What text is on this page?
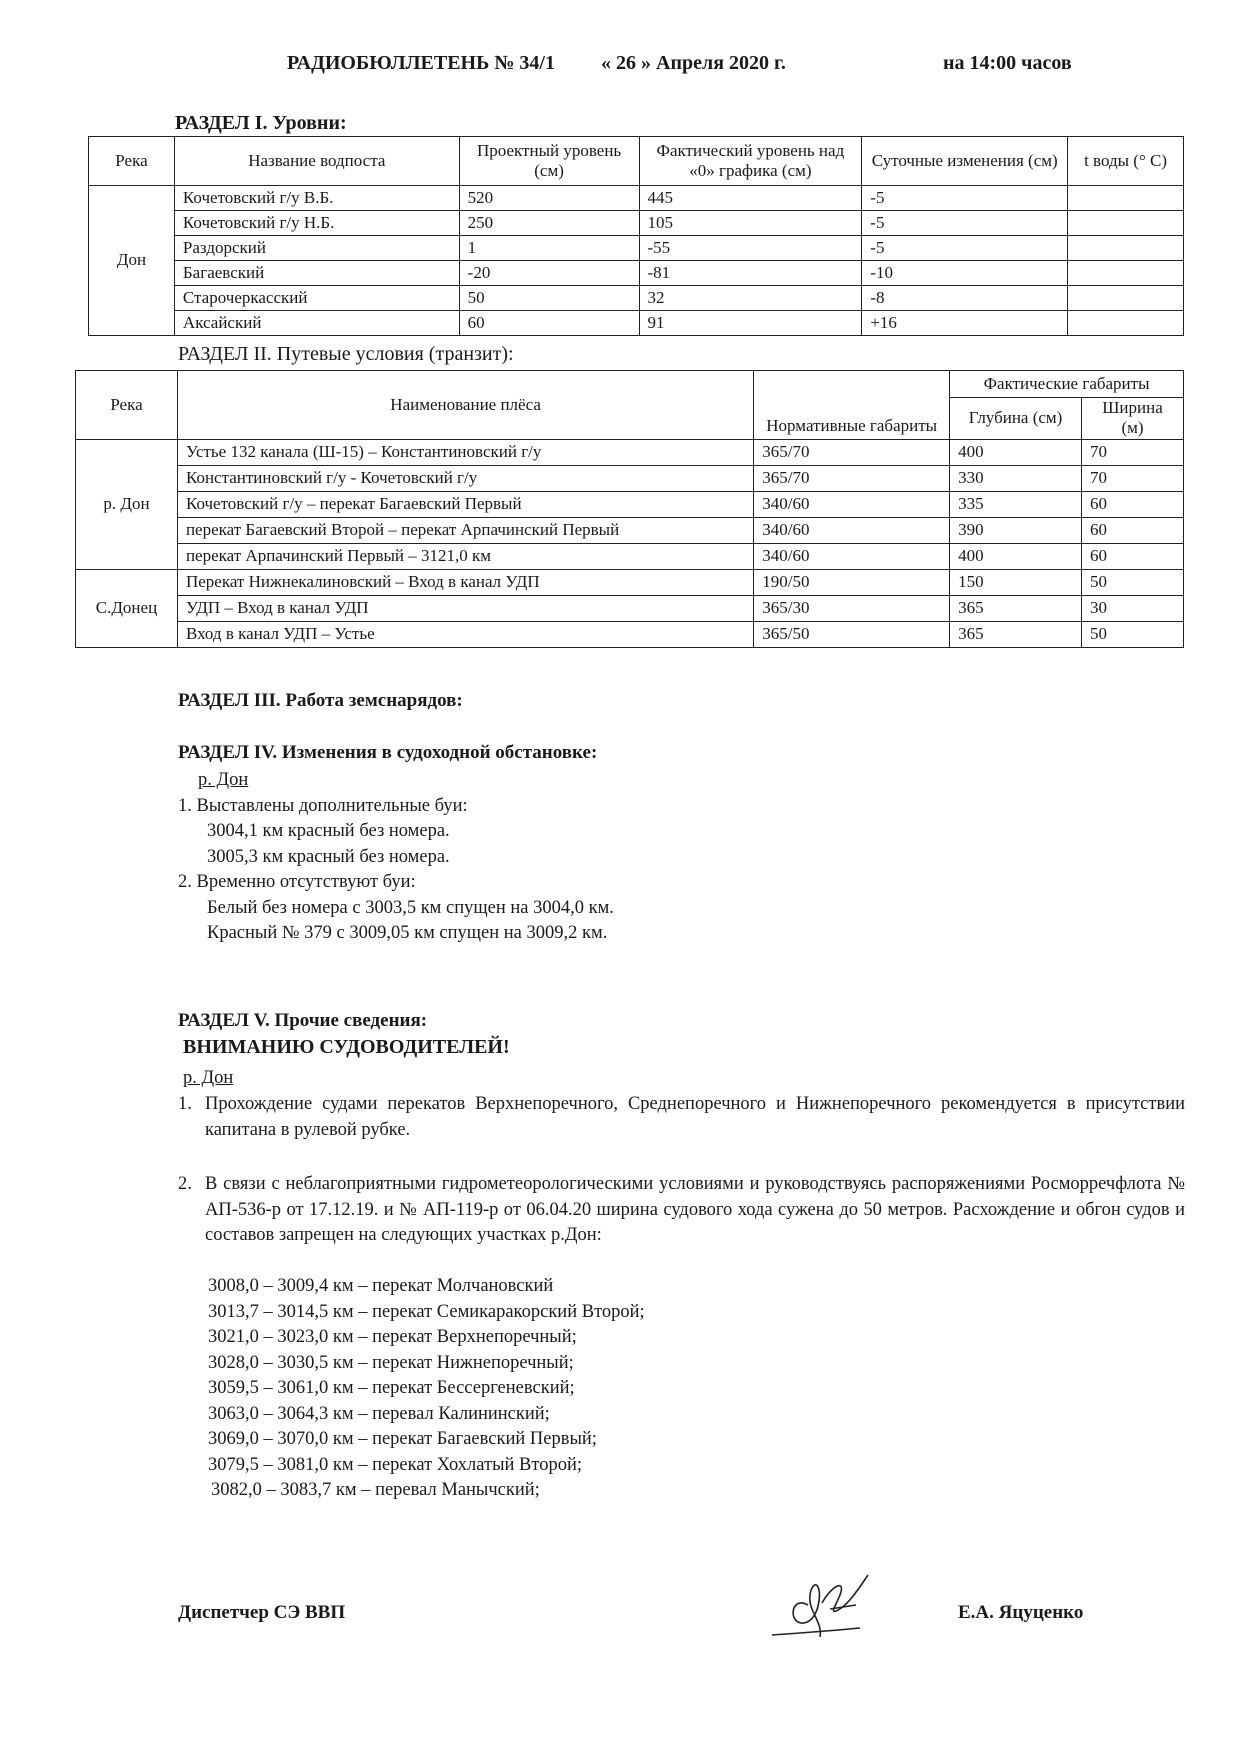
РАДИОБЮЛЛЕТЕНЬ № 34/1 « 26 » Апреля 2020 г.	на 14:00 часов
РАЗДЕЛ I. Уровни:
Река	Название водпоста	Проектный уровень (см)	Фактический уровень над «0» графика (см)	Суточные изменения (см)	t воды (° C)
Дон	Кочетовский г/у В.Б.	520	445	-5	
	Кочетовский г/у Н.Б.	250	105	-5	
	Раздорский	1	-55	-5	
	Багаевский	-20	-81	-10	
	Старочеркасский	50	32	-8	
	Аксайский	60	91	+16	
РАЗДЕЛ II. Путевые условия (транзит):
Река	Наименование плёса	Нормативные габариты	Фактические габариты	
			Глубина (см)	Ширина (м)
р. Дон	Устье 132 канала (Ш-15) – Константиновский г/у	365/70	400	70
	Константиновский г/у - Кочетовский г/у	365/70	330	70
	Кочетовский г/у – перекат Багаевский Первый	340/60	335	60
	перекат Багаевский Второй – перекат Арпачинский Первый	340/60	390	60
	перекат Арпачинский Первый – 3121,0 км	340/60	400	60
С.Донец	Перекат Нижнекалиновский – Вход в канал УДП	190/50	150	50
	УДП – Вход в канал УДП	365/30	365	30
	Вход в канал УДП – Устье	365/50	365	50
РАЗДЕЛ III. Работа земснарядов:
РАЗДЕЛ IV. Изменения в судоходной обстановке:
р. Дон
1. Выставлены дополнительные буи:
3004,1 км красный без номера.
3005,3 км красный без номера.
2. Временно отсутствуют буи:
Белый без номера с 3003,5 км спущен на 3004,0 км.
Красный № 379 с 3009,05 км спущен на 3009,2 км.
РАЗДЕЛ V. Прочие сведения:
ВНИМАНИЮ СУДОВОДИТЕЛЕЙ!
р. Дон
1. Прохождение судами перекатов Верхнепоречного, Среднепоречного и Нижнепоречного рекомендуется в присутствии капитана в рулевой рубке.
2. В связи с неблагоприятными гидрометеорологическими условиями и руководствуясь распоряжениями Росморречфлота № АП-536-р от 17.12.19. и № АП-119-р от 06.04.20 ширина судового хода сужена до 50 метров. Расхождение и обгон судов и составов запрещен на следующих участках р.Дон:
3008,0 – 3009,4 км – перекат Молчановский
3013,7 – 3014,5 км – перекат Семикаракорский Второй;
3021,0 – 3023,0 км – перекат Верхнепоречный;
3028,0 – 3030,5 км – перекат Нижнепоречный;
3059,5 – 3061,0 км – перекат Бессергеневский;
3063,0 – 3064,3 км – перевал Калининский;
3069,0 – 3070,0 км – перекат Багаевский Первый;
3079,5 – 3081,0 км – перекат Хохлатый Второй;
3082,0 – 3083,7 км – перевал Манычский;
Диспетчер СЭ ВВП	Е.А. Яцуценко
